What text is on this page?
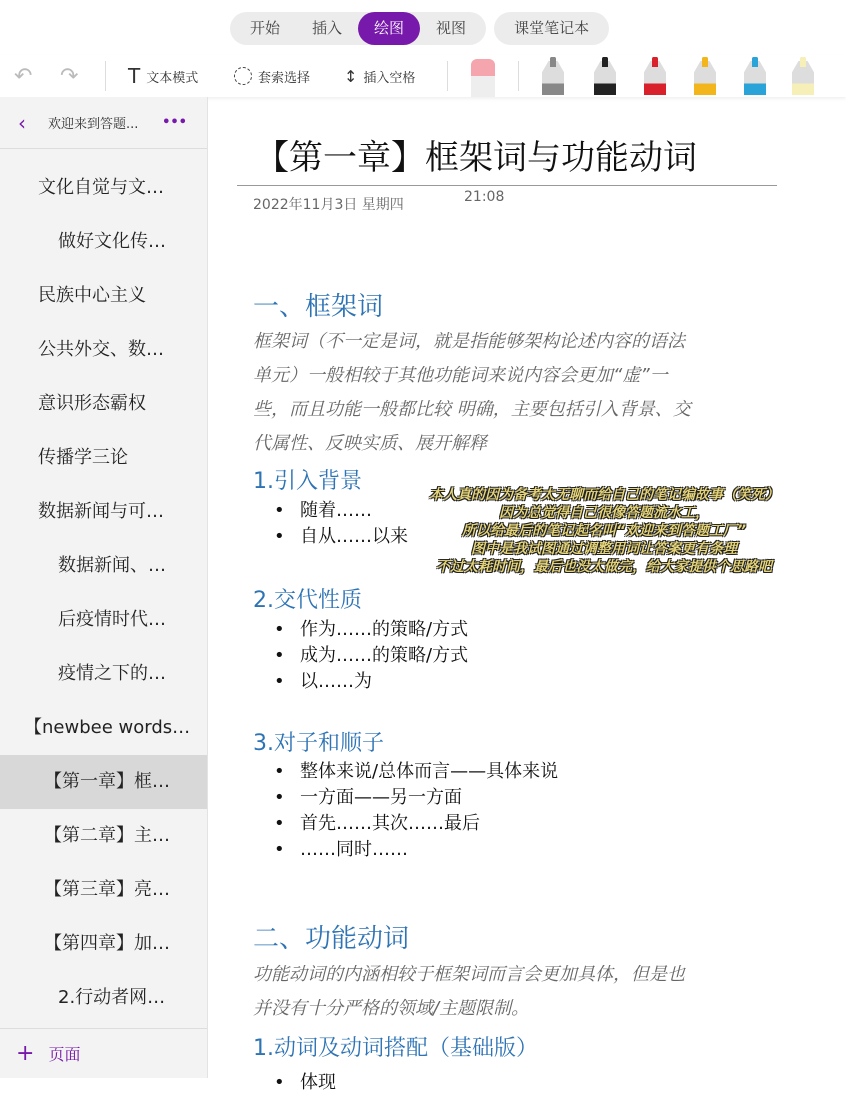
开始	插入	绘图	视图	课堂笔记本
↶ ↷ T 文本模式	套索选择 ↕ 插入空格
‹ 欢迎来到答题...	•••
文化自觉与文…
做好文化传…
民族中心主义
公共外交、数…
意识形态霸权
传播学三论
数据新闻与可…
数据新闻、…
后疫情时代…
疫情之下的…
【newbee words…
【第一章】框…
【第二章】主…
【第三章】亮…
【第四章】加…
2.行动者网…
+ 页面
【第一章】框架词与功能动词
2022年11月3日 星期四	21:08
一、框架词
框架词（不一定是词，就是指能够架构论述内容的语法
单元）一般相较于其他功能词来说内容会更加“虚”一
些，而且功能一般都比较 明确，主要包括引入背景、交
代属性、反映实质、展开解释
1.引入背景
• 随着……
• 自从……以来
2.交代性质
• 作为……的策略/方式
• 成为……的策略/方式
• 以……为
3.对子和顺子
• 整体来说/总体而言——具体来说
• 一方面——另一方面
• 首先……其次……最后
• ……同时……
二、功能动词
功能动词的内涵相较于框架词而言会更加具体，但是也
并没有十分严格的领域/主题限制。
1.动词及动词搭配（基础版）
• 体现
本人真的因为备考太无聊而给自己的笔记编故事（笑死）
因为总觉得自己很像答题流水工，
所以给最后的笔记起名叫“欢迎来到答题工厂”
图中是我试图通过调整用词让答案更有条理
不过太耗时间，最后也没太做完，给大家提供个思路吧
